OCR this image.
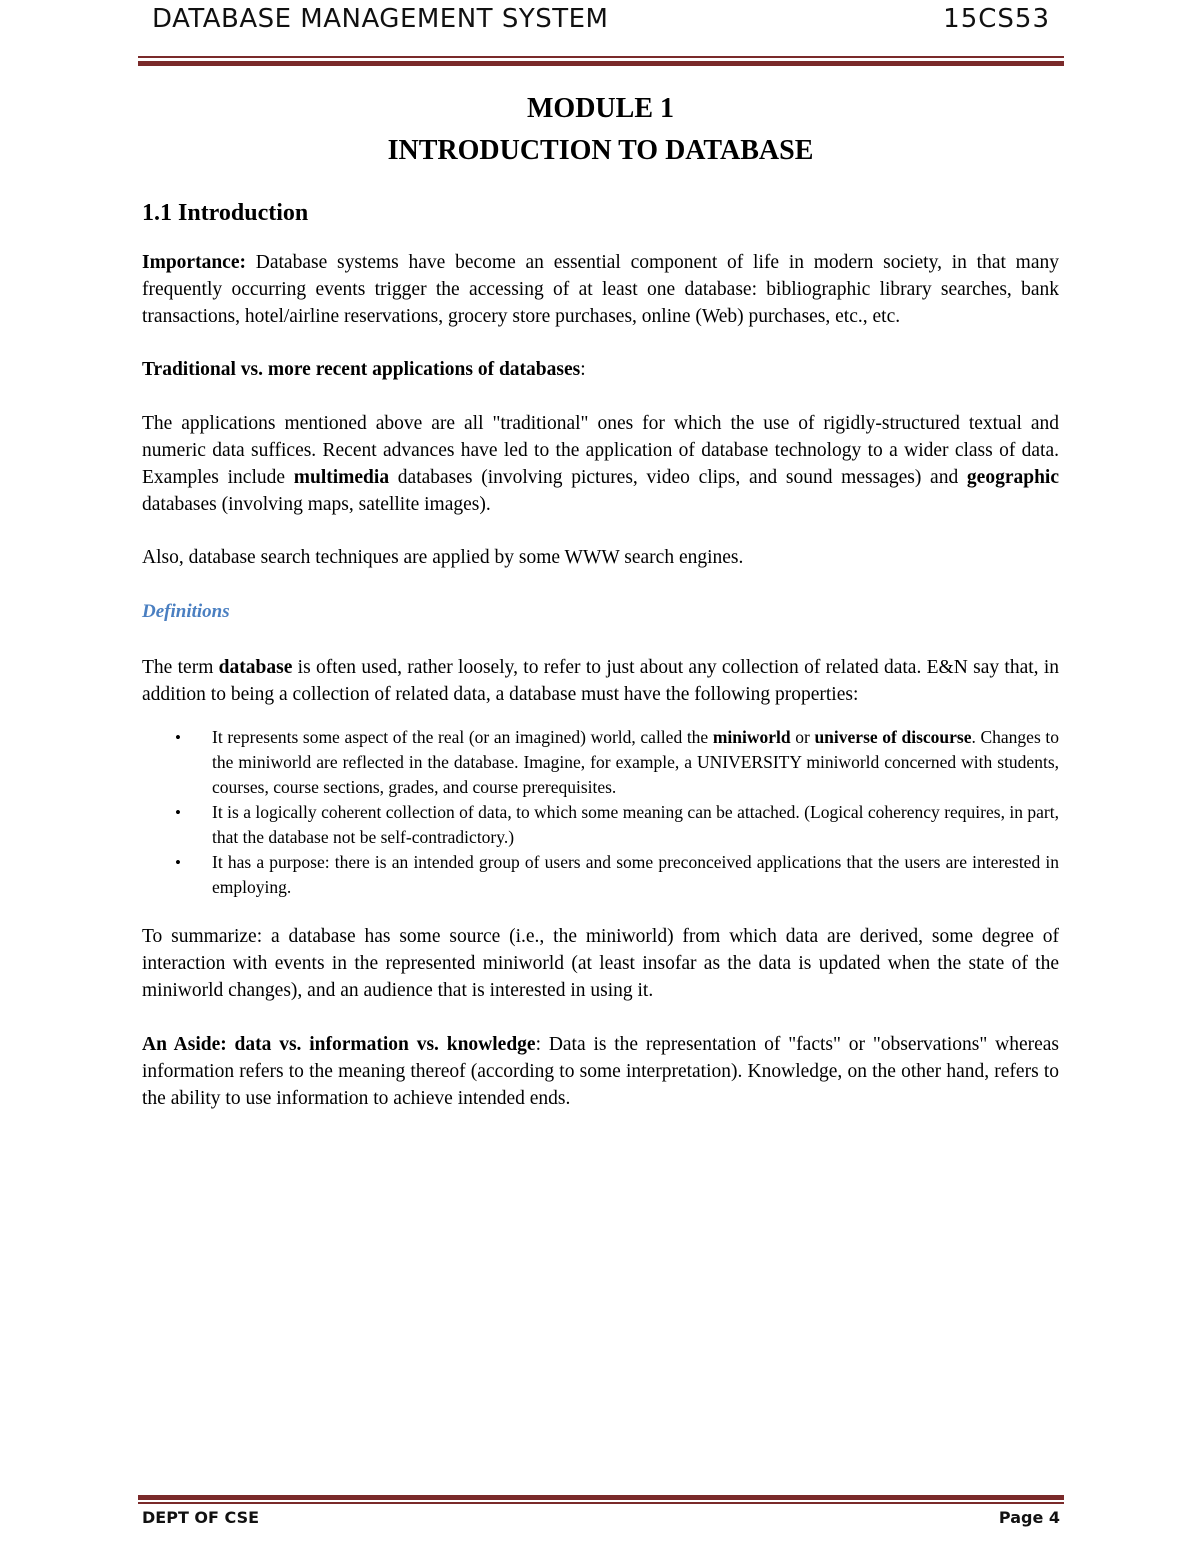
DATABASE MANAGEMENT SYSTEM	15CS53
MODULE 1
INTRODUCTION TO DATABASE
1.1 Introduction

Importance: Database systems have become an essential component of life in modern society, in that many frequently occurring events trigger the accessing of at least one database: bibliographic library searches, bank transactions, hotel/airline reservations, grocery store purchases, online (Web) purchases, etc., etc.

Traditional vs. more recent applications of databases:

The applications mentioned above are all "traditional" ones for which the use of rigidly-structured textual and numeric data suffices. Recent advances have led to the application of database technology to a wider class of data. Examples include multimedia databases (involving pictures, video clips, and sound messages) and geographic databases (involving maps, satellite images).

Also, database search techniques are applied by some WWW search engines.

Definitions

The term database is often used, rather loosely, to refer to just about any collection of related data. E&N say that, in addition to being a collection of related data, a database must have the following properties:

• It represents some aspect of the real (or an imagined) world, called the miniworld or universe of discourse. Changes to the miniworld are reflected in the database. Imagine, for example, a UNIVERSITY miniworld concerned with students, courses, course sections, grades, and course prerequisites.
• It is a logically coherent collection of data, to which some meaning can be attached. (Logical coherency requires, in part, that the database not be self-contradictory.)
• It has a purpose: there is an intended group of users and some preconceived applications that the users are interested in employing.

To summarize: a database has some source (i.e., the miniworld) from which data are derived, some degree of interaction with events in the represented miniworld (at least insofar as the data is updated when the state of the miniworld changes), and an audience that is interested in using it.

An Aside: data vs. information vs. knowledge: Data is the representation of "facts" or "observations" whereas information refers to the meaning thereof (according to some interpretation). Knowledge, on the other hand, refers to the ability to use information to achieve intended ends.

DEPT OF CSE	Page 4
